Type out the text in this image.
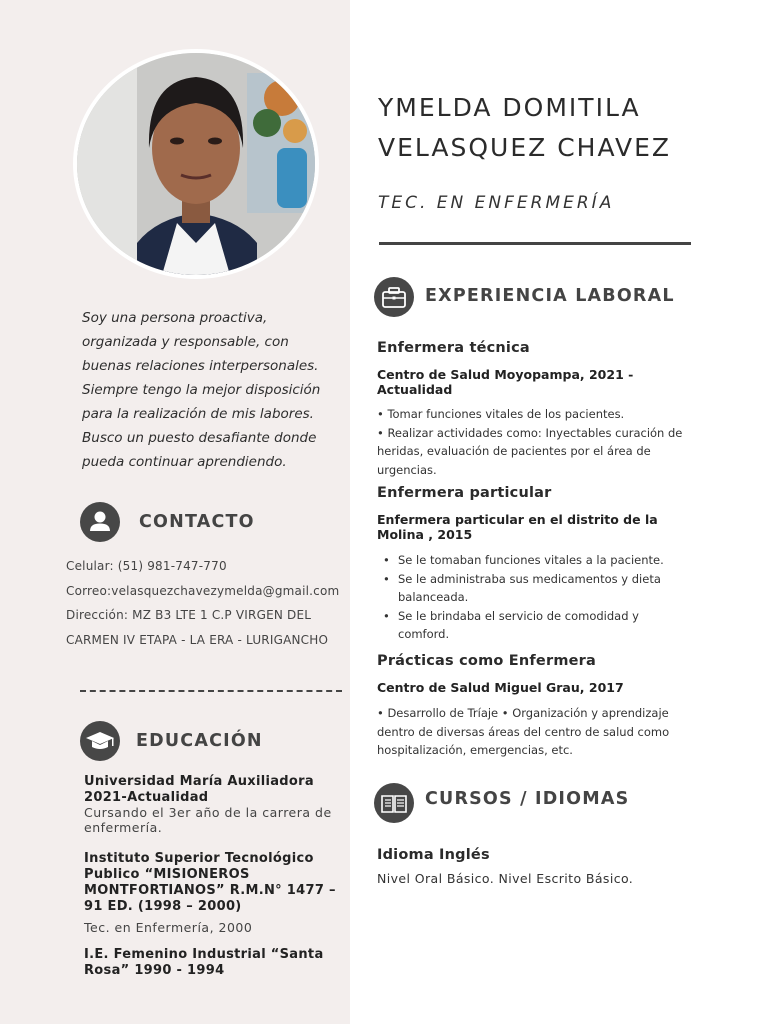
Soy una persona proactiva, organizada y responsable, con buenas relaciones interpersonales. Siempre tengo la mejor disposición para la realización de mis labores. Busco un puesto desafiante donde pueda continuar aprendiendo.
CONTACTO
Celular: (51) 981-747-770
Correo:velasquezchavezymelda@gmail.com
Dirección: MZ B3 LTE 1 C.P VIRGEN DEL
CARMEN IV ETAPA - LA ERA - LURIGANCHO
EDUCACIÓN
Universidad María Auxiliadora 2021-Actualidad
Cursando el 3er año de la carrera de enfermería.
Instituto Superior Tecnológico Publico “MISIONEROS MONTFORTIANOS” R.M.N° 1477 – 91 ED. (1998 – 2000)
Tec. en Enfermería, 2000
I.E. Femenino Industrial “Santa Rosa” 1990 - 1994
YMELDA DOMITILA
VELASQUEZ CHAVEZ
TEC. EN ENFERMERÍA
EXPERIENCIA LABORAL
Enfermera técnica
Centro de Salud Moyopampa, 2021 - Actualidad
• Tomar funciones vitales de los pacientes.
• Realizar actividades como: Inyectables curación de heridas, evaluación de pacientes por el área de urgencias.
Enfermera particular
Enfermera particular en el distrito de la Molina , 2015
• Se le tomaban funciones vitales a la paciente.
• Se le administraba sus medicamentos y dieta balanceada.
• Se le brindaba el servicio de comodidad y comford.
Prácticas como Enfermera
Centro de Salud Miguel Grau, 2017
• Desarrollo de Tríaje • Organización y aprendizaje dentro de diversas áreas del centro de salud como hospitalización, emergencias, etc.
CURSOS / IDIOMAS
Idioma Inglés
Nivel Oral Básico. Nivel Escrito Básico.
